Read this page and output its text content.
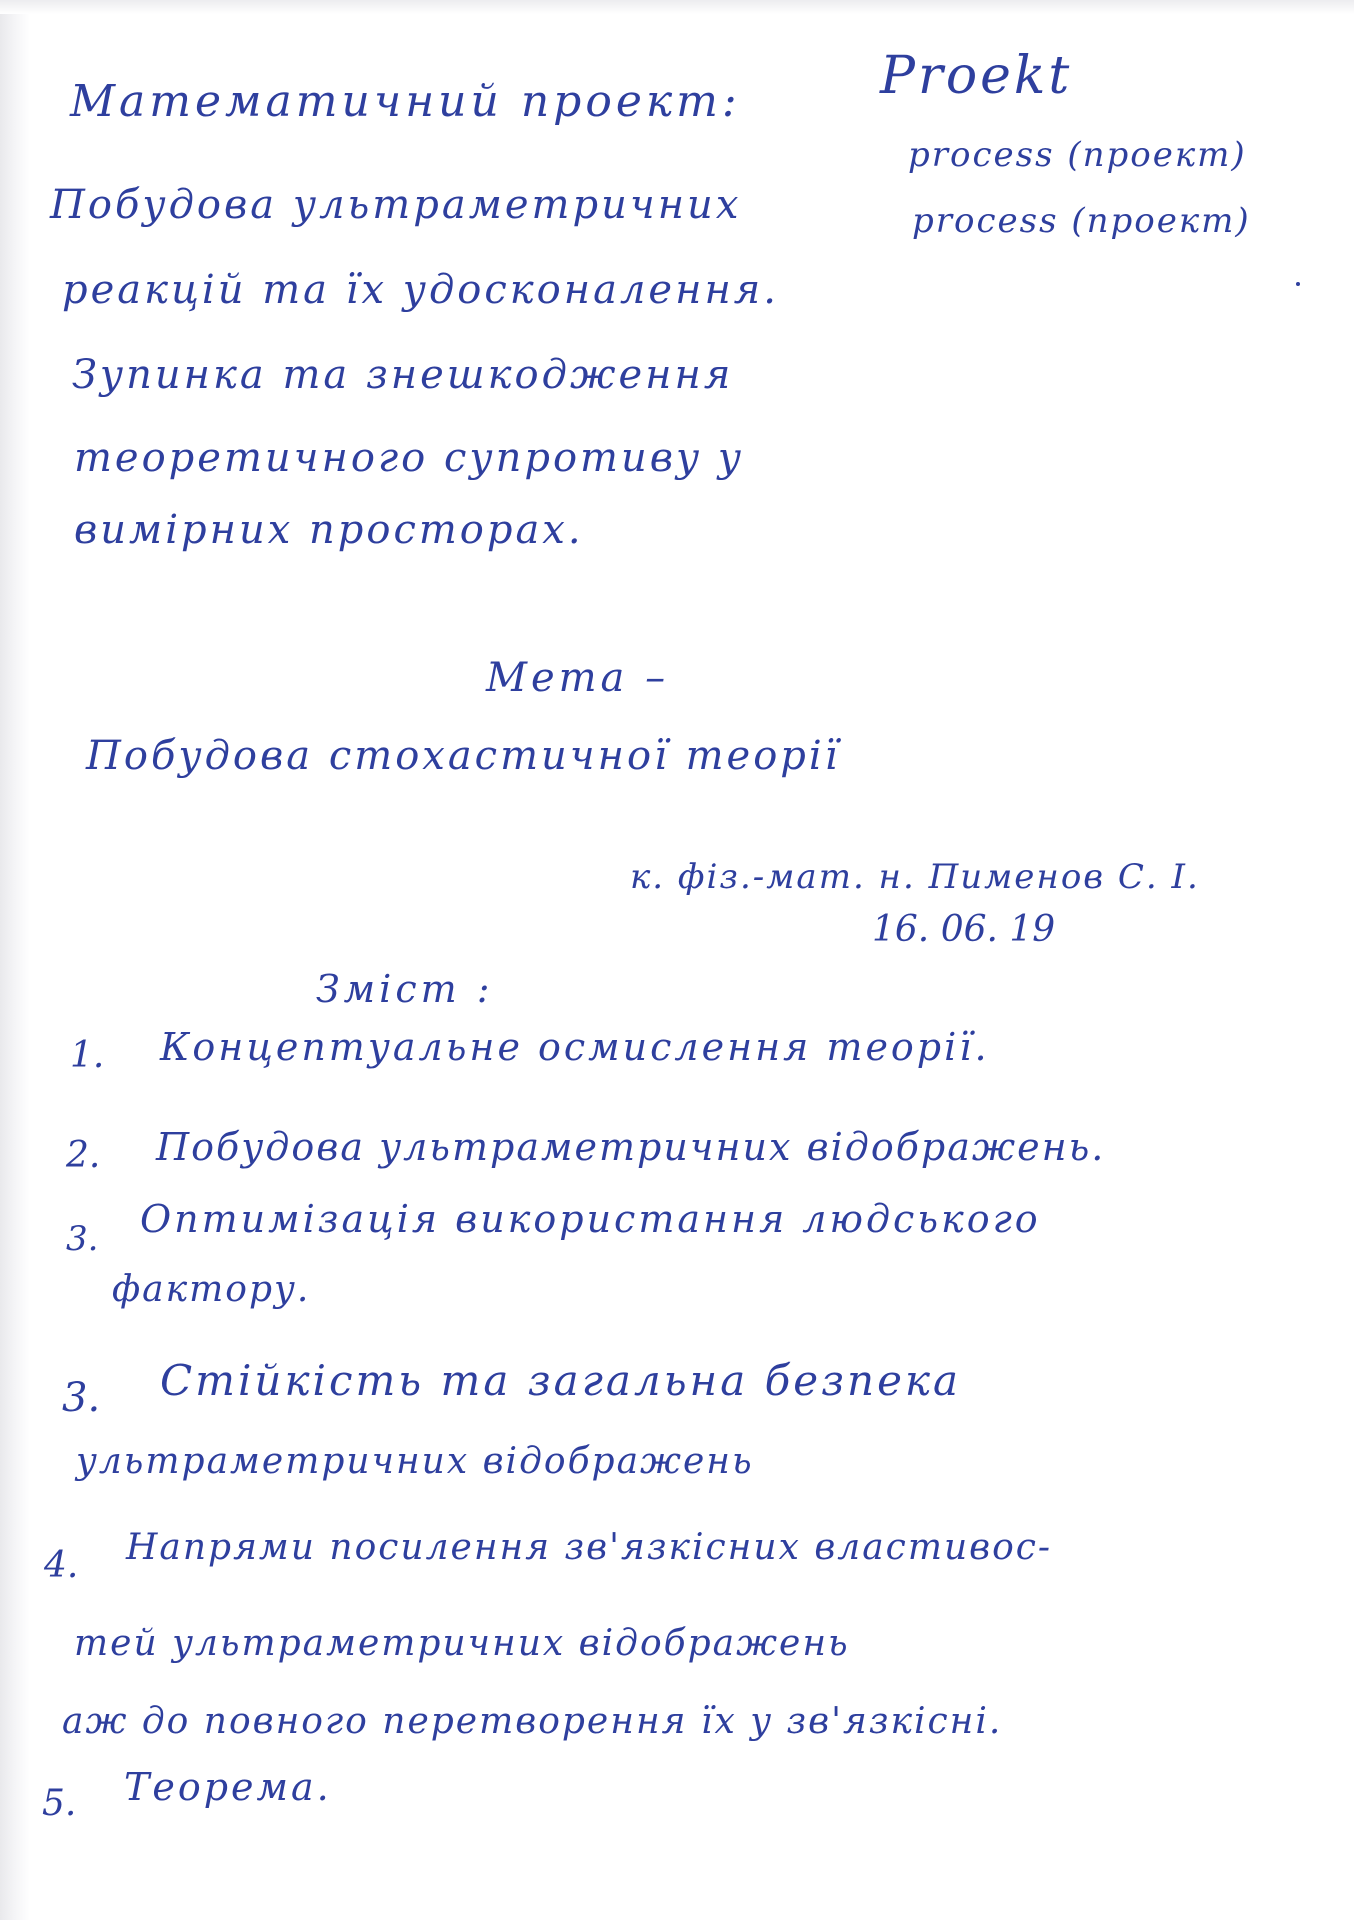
Математичний проект:	Proekt
process (проект)
process (проект)
Побудова ультраметричних
реакцій та їх удосконалення.
Зупинка та знешкодження
теоретичного супротиву у
вимірних просторах.
Мета –
Побудова стохастичної теорії
к. фіз.-мат. н. Пименов С. І.
16. 06. 19
Зміст :
1. Концептуальне осмислення теорії.
2. Побудова ультраметричних відображень.
3. Оптимізація використання людського
фактору.
3. Стійкість та загальна безпека
ультраметричних відображень
4. Напрями посилення зв'язкісних властивос-
тей ультраметричних відображень
аж до повного перетворення їх у зв'язкісні.
5. Теорема.
